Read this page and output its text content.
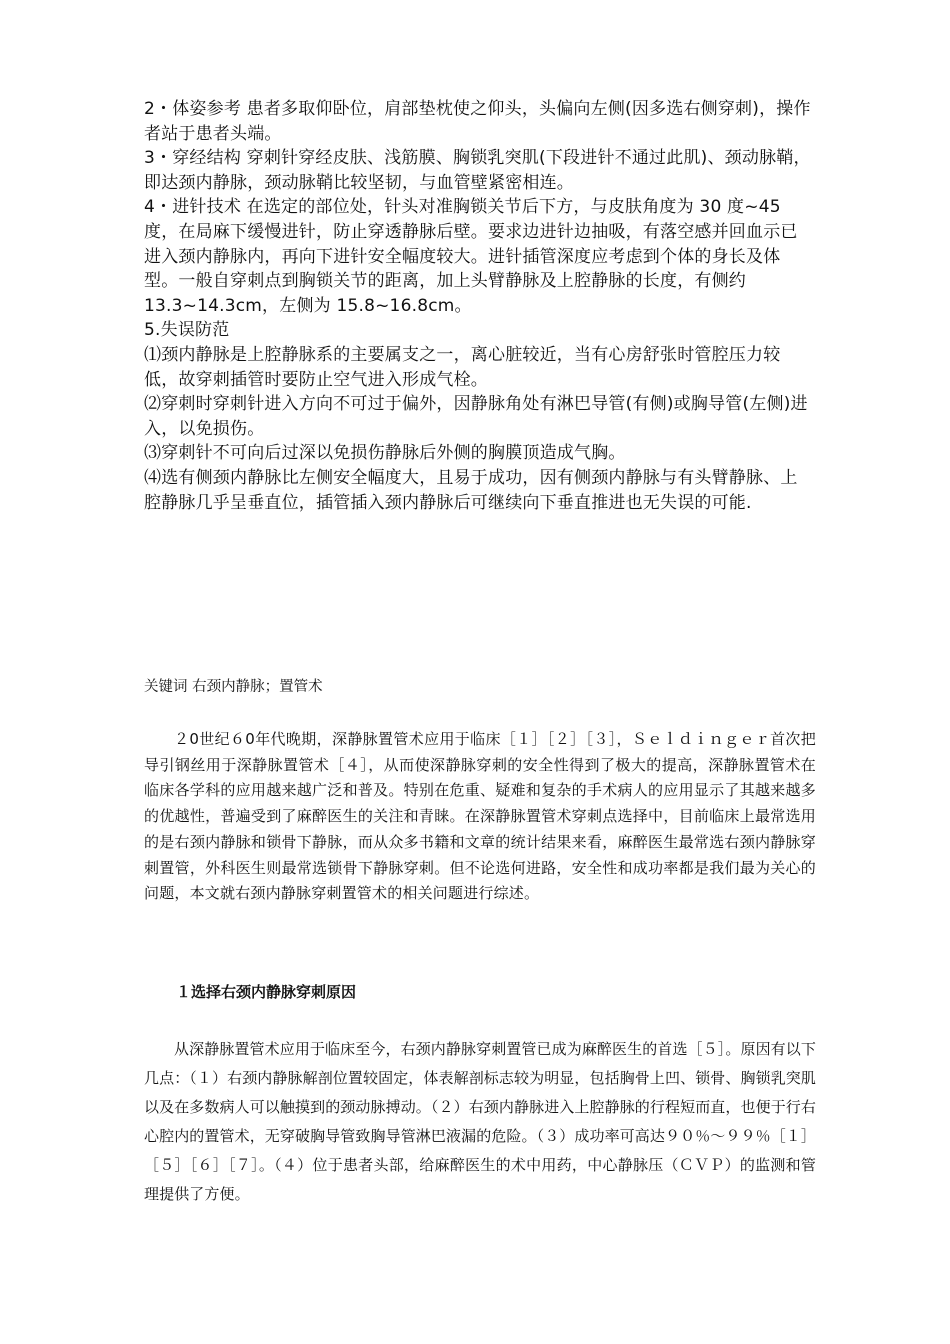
2・体姿参考 患者多取仰卧位，肩部垫枕使之仰头，头偏向左侧(因多选右侧穿刺)，操作者站于患者头端。

3・穿经结构 穿刺针穿经皮肤、浅筋膜、胸锁乳突肌(下段进针不通过此肌)、颈动脉鞘，即达颈内静脉，颈动脉鞘比较坚韧，与血管壁紧密相连。

4・进针技术 在选定的部位处，针头对准胸锁关节后下方，与皮肤角度为 30 度~45 度，在局麻下缓慢进针，防止穿透静脉后壁。要求边进针边抽吸，有落空感并回血示已进入颈内静脉内，再向下进针安全幅度较大。进针插管深度应考虑到个体的身长及体型。一般自穿刺点到胸锁关节的距离，加上头臂静脉及上腔静脉的长度，有侧约 13.3~14.3cm，左侧为 15.8~16.8cm。

5.失误防范

⑴颈内静脉是上腔静脉系的主要属支之一，离心脏较近，当有心房舒张时管腔压力较低，故穿刺插管时要防止空气进入形成气栓。

⑵穿刺时穿刺针进入方向不可过于偏外，因静脉角处有淋巴导管(有侧)或胸导管(左侧)进入，以免损伤。

⑶穿刺针不可向后过深以免损伤静脉后外侧的胸膜顶造成气胸。

⑷选有侧颈内静脉比左侧安全幅度大，且易于成功，因有侧颈内静脉与有头臂静脉、上腔静脉几乎呈垂直位，插管插入颈内静脉后可继续向下垂直推进也无失误的可能.

关键词 右颈内静脉；置管术

２0世纪６0年代晚期，深静脉置管术应用于临床［１］［２］［３］，Ｓｅｌｄｉｎｇｅｒ首次把导引钢丝用于深静脉置管术［４］，从而使深静脉穿刺的安全性得到了极大的提高，深静脉置管术在临床各学科的应用越来越广泛和普及。特别在危重、疑难和复杂的手术病人的应用显示了其越来越多的优越性，普遍受到了麻醉医生的关注和青睐。在深静脉置管术穿刺点选择中，目前临床上最常选用的是右颈内静脉和锁骨下静脉，而从众多书籍和文章的统计结果来看，麻醉医生最常选右颈内静脉穿刺置管，外科医生则最常选锁骨下静脉穿刺。但不论选何进路，安全性和成功率都是我们最为关心的问题，本文就右颈内静脉穿刺置管术的相关问题进行综述。

１选择右颈内静脉穿刺原因

从深静脉置管术应用于临床至今，右颈内静脉穿刺置管已成为麻醉医生的首选［５］。原因有以下几点：（１）右颈内静脉解剖位置较固定，体表解剖标志较为明显，包括胸骨上凹、锁骨、胸锁乳突肌以及在多数病人可以触摸到的颈动脉搏动。（２）右颈内静脉进入上腔静脉的行程短而直，也便于行右心腔内的置管术，无穿破胸导管致胸导管淋巴液漏的危险。（３）成功率可高达９０％～９９％［１］［５］［６］［７］。（４）位于患者头部，给麻醉医生的术中用药，中心静脉压（ＣＶＰ）的监测和管理提供了方便。
